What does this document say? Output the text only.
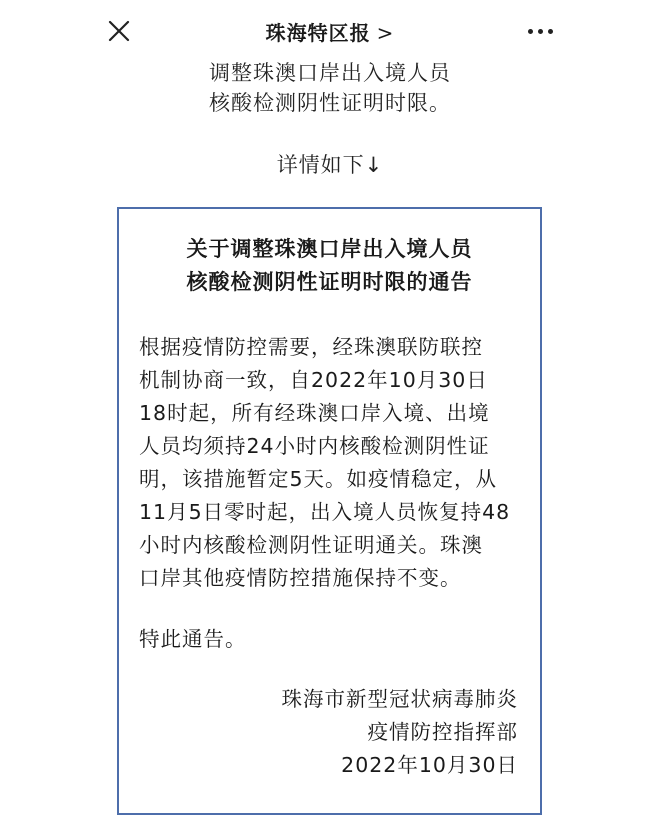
珠海特区报 >
调整珠澳口岸出入境人员
核酸检测阴性证明时限。
详情如下↓
关于调整珠澳口岸出入境人员
核酸检测阴性证明时限的通告
根据疫情防控需要，经珠澳联防联控
机制协商一致，自2022年10月30日
18时起，所有经珠澳口岸入境、出境
人员均须持24小时内核酸检测阴性证
明，该措施暂定5天。如疫情稳定，从
11月5日零时起，出入境人员恢复持48
小时内核酸检测阴性证明通关。珠澳
口岸其他疫情防控措施保持不变。
特此通告。
珠海市新型冠状病毒肺炎
疫情防控指挥部
2022年10月30日
